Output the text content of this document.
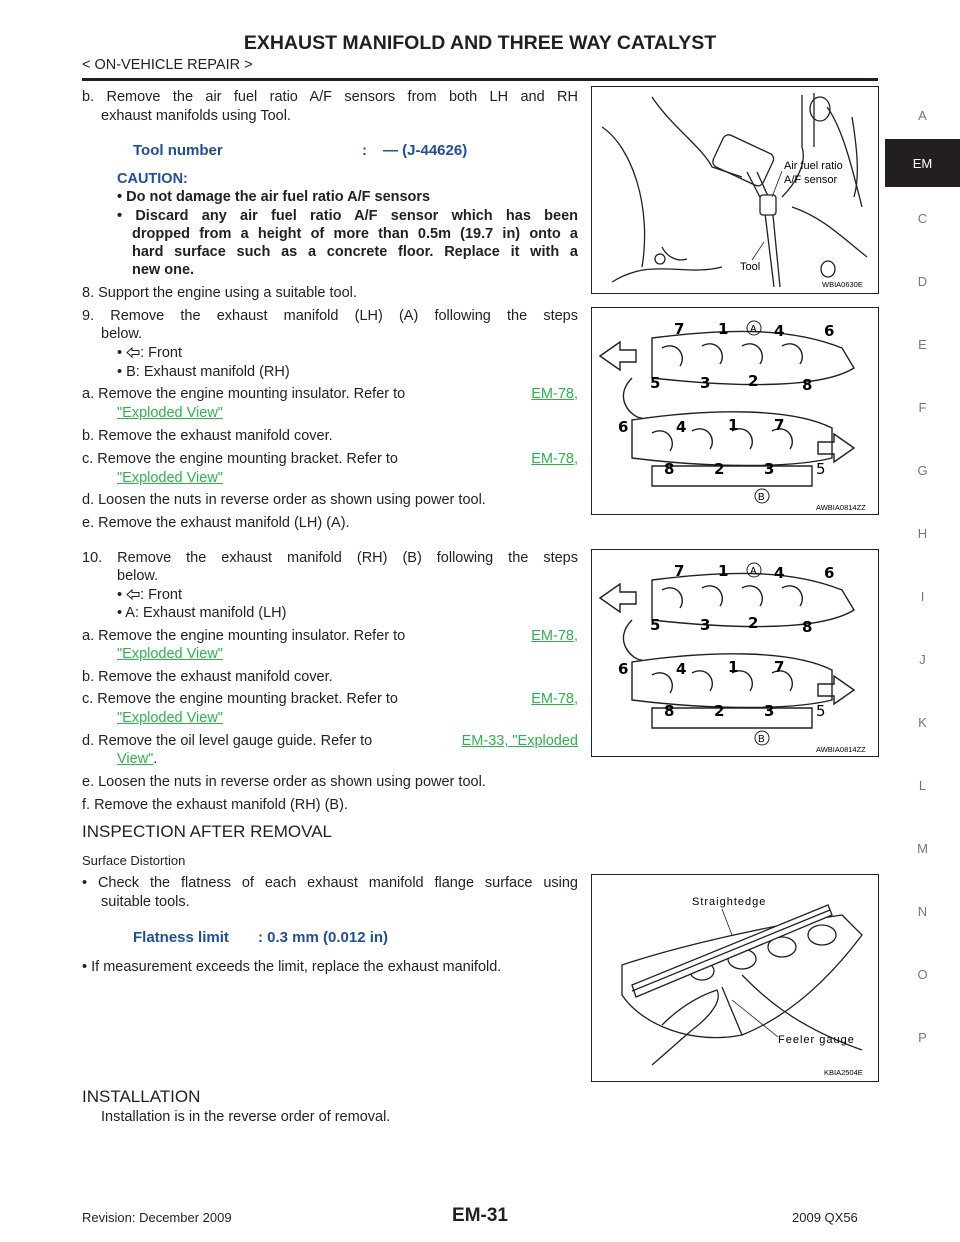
EXHAUST MANIFOLD AND THREE WAY CATALYST
< ON-VEHICLE REPAIR >
A
EM
C
D
E
F
G
H
I
J
K
L
M
N
O
P
b. Remove the air fuel ratio A/F sensors from both LH and RH
exhaust manifolds using Tool.
Tool number	: — (J-44626)
CAUTION:
• Do not damage the air fuel ratio A/F sensors
• Discard any air fuel ratio A/F sensor which has been
dropped from a height of more than 0.5m (19.7 in) onto a
hard surface such as a concrete floor. Replace it with a
new one.
8. Support the engine using a suitable tool.
9. Remove the exhaust manifold (LH) (A) following the steps
below.
• : Front
• B: Exhaust manifold (RH)
a. Remove the engine mounting insulator. Refer to	EM-78,
"Exploded View"
b. Remove the exhaust manifold cover.
c. Remove the engine mounting bracket. Refer to	EM-78,
"Exploded View"
d. Loosen the nuts in reverse order as shown using power tool.
e. Remove the exhaust manifold (LH) (A).
10. Remove the exhaust manifold (RH) (B) following the steps
below.
• : Front
• A: Exhaust manifold (LH)
a. Remove the engine mounting insulator. Refer to	EM-78,
"Exploded View"
b. Remove the exhaust manifold cover.
c. Remove the engine mounting bracket. Refer to	EM-78,
"Exploded View"
d. Remove the oil level gauge guide. Refer to	EM-33, "Exploded
View".
e. Loosen the nuts in reverse order as shown using power tool.
f. Remove the exhaust manifold (RH) (B).
INSPECTION AFTER REMOVAL
Surface Distortion
• Check the flatness of each exhaust manifold flange surface using
suitable tools.
Flatness limit : 0.3 mm (0.012 in)
• If measurement exceeds the limit, replace the exhaust manifold.
INSTALLATION
Installation is in the reverse order of removal.
Air fuel ratio
A/F sensor
Tool
WBIA0630E
7 1	4	6
5	3	2	8
6	4	1 7
8	2	3	5
A
B
AWBIA0814ZZ
7 1	4	6
5	3	2	8
6	4	1 7
8	2	3	5
A
B
AWBIA0814ZZ
Straightedge
Feeler gauge
KBIA2504E
EM-31
Revision: December 2009	2009 QX56
